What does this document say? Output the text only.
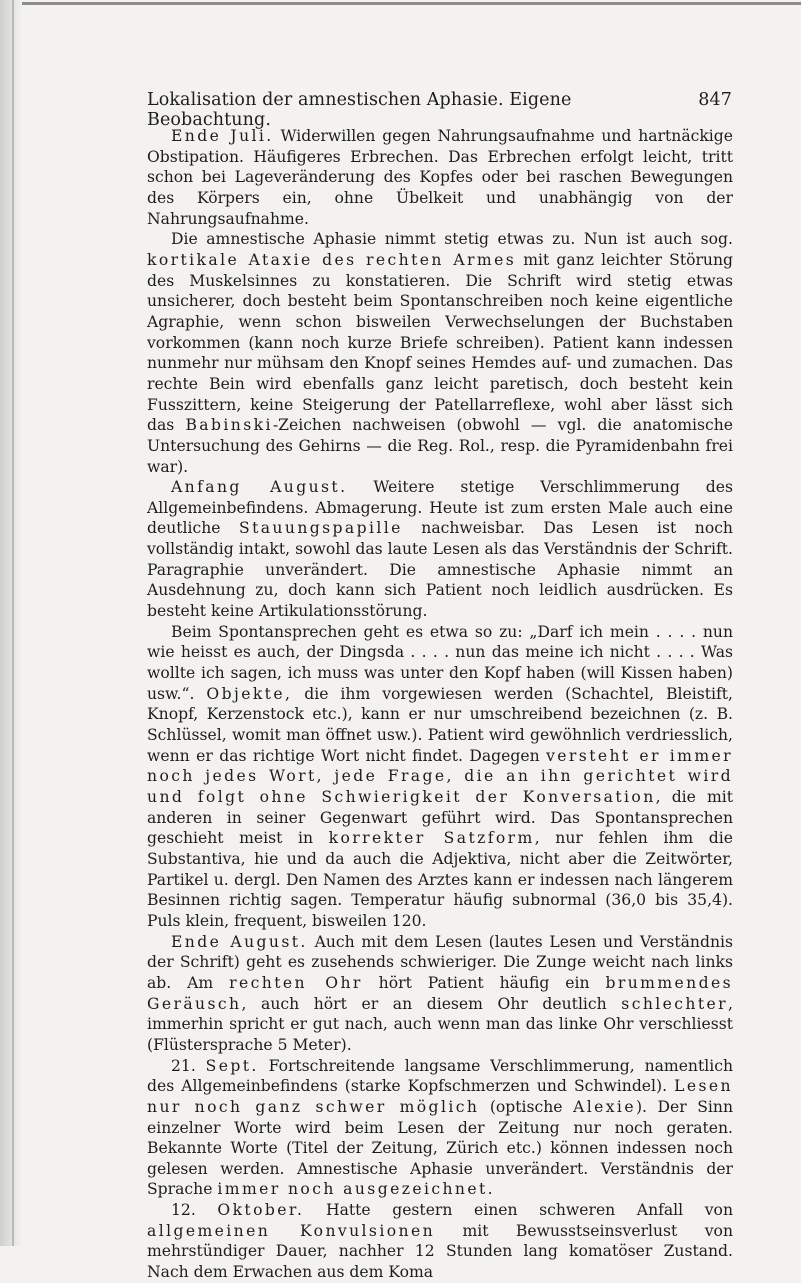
Lokalisation der amnestischen Aphasie. Eigene Beobachtung.
847

Ende Juli. Widerwillen gegen Nahrungsaufnahme und hartnäckige Obstipation. Häufigeres Erbrechen. Das Erbrechen erfolgt leicht, tritt schon bei Lageveränderung des Kopfes oder bei raschen Bewegungen des Körpers ein, ohne Übelkeit und unabhängig von der Nahrungsaufnahme.

Die amnestische Aphasie nimmt stetig etwas zu. Nun ist auch sog. kortikale Ataxie des rechten Armes mit ganz leichter Störung des Muskelsinnes zu konstatieren. Die Schrift wird stetig etwas unsicherer, doch besteht beim Spontanschreiben noch keine eigentliche Agraphie, wenn schon bisweilen Verwechselungen der Buchstaben vorkommen (kann noch kurze Briefe schreiben). Patient kann indessen nunmehr nur mühsam den Knopf seines Hemdes auf- und zumachen. Das rechte Bein wird ebenfalls ganz leicht paretisch, doch besteht kein Fusszittern, keine Steigerung der Patellarreflexe, wohl aber lässt sich das Babinski-Zeichen nachweisen (obwohl — vgl. die anatomische Untersuchung des Gehirns — die Reg. Rol., resp. die Pyramidenbahn frei war).

Anfang August. Weitere stetige Verschlimmerung des Allgemeinbefindens. Abmagerung. Heute ist zum ersten Male auch eine deutliche Stauungspapille nachweisbar. Das Lesen ist noch vollständig intakt, sowohl das laute Lesen als das Verständnis der Schrift. Paragraphie unverändert. Die amnestische Aphasie nimmt an Ausdehnung zu, doch kann sich Patient noch leidlich ausdrücken. Es besteht keine Artikulationsstörung.

Beim Spontansprechen geht es etwa so zu: „Darf ich mein . . . . nun wie heisst es auch, der Dingsda . . . . nun das meine ich nicht . . . . Was wollte ich sagen, ich muss was unter den Kopf haben (will Kissen haben) usw.“. Objekte, die ihm vorgewiesen werden (Schachtel, Bleistift, Knopf, Kerzenstock etc.), kann er nur umschreibend bezeichnen (z. B. Schlüssel, womit man öffnet usw.). Patient wird gewöhnlich verdriesslich, wenn er das richtige Wort nicht findet. Dagegen versteht er immer noch jedes Wort, jede Frage, die an ihn gerichtet wird und folgt ohne Schwierigkeit der Konversation, die mit anderen in seiner Gegenwart geführt wird. Das Spontansprechen geschieht meist in korrekter Satzform, nur fehlen ihm die Substantiva, hie und da auch die Adjektiva, nicht aber die Zeitwörter, Partikel u. dergl. Den Namen des Arztes kann er indessen nach längerem Besinnen richtig sagen. Temperatur häufig subnormal (36,0 bis 35,4). Puls klein, frequent, bisweilen 120.

Ende August. Auch mit dem Lesen (lautes Lesen und Verständnis der Schrift) geht es zusehends schwieriger. Die Zunge weicht nach links ab. Am rechten Ohr hört Patient häufig ein brummendes Geräusch, auch hört er an diesem Ohr deutlich schlechter, immerhin spricht er gut nach, auch wenn man das linke Ohr verschliesst (Flüstersprache 5 Meter).

21. Sept. Fortschreitende langsame Verschlimmerung, namentlich des Allgemeinbefindens (starke Kopfschmerzen und Schwindel). Lesen nur noch ganz schwer möglich (optische Alexie). Der Sinn einzelner Worte wird beim Lesen der Zeitung nur noch geraten. Bekannte Worte (Titel der Zeitung, Zürich etc.) können indessen noch gelesen werden. Amnestische Aphasie unverändert. Verständnis der Sprache immer noch ausgezeichnet.

12. Oktober. Hatte gestern einen schweren Anfall von allgemeinen Konvulsionen mit Bewusstseinsverlust von mehrstündiger Dauer, nachher 12 Stunden lang komatöser Zustand. Nach dem Erwachen aus dem Koma
